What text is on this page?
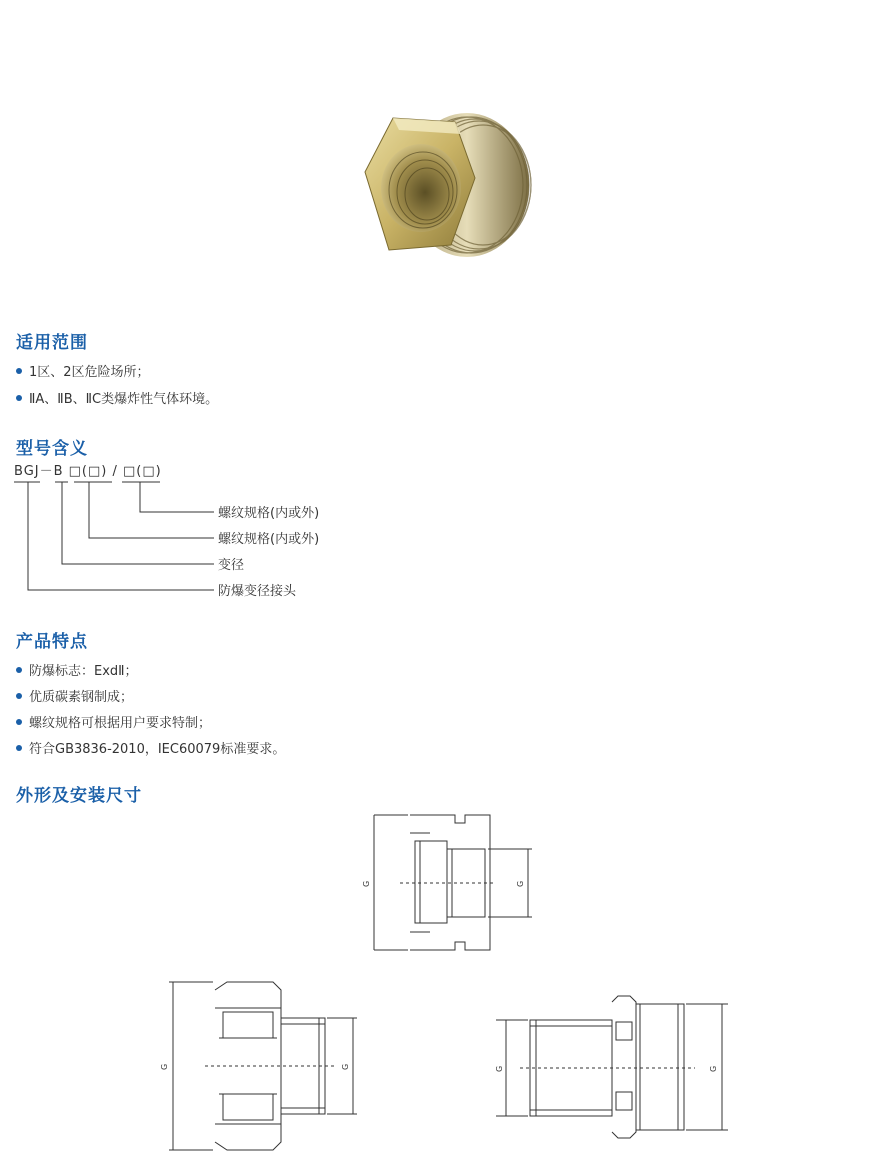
适用范围
1区、2区危险场所；
ⅡA、ⅡB、ⅡC类爆炸性气体环境。
型号含义
BGJ－B □(□) / □(□)
螺纹规格(内或外)
螺纹规格(内或外)
变径
防爆变径接头
产品特点
防爆标志：ExdⅡ；
优质碳素钢制成；
螺纹规格可根据用户要求特制；
符合GB3836-2010，IEC60079标准要求。
外形及安装尺寸
G	G
G	G	G	G
